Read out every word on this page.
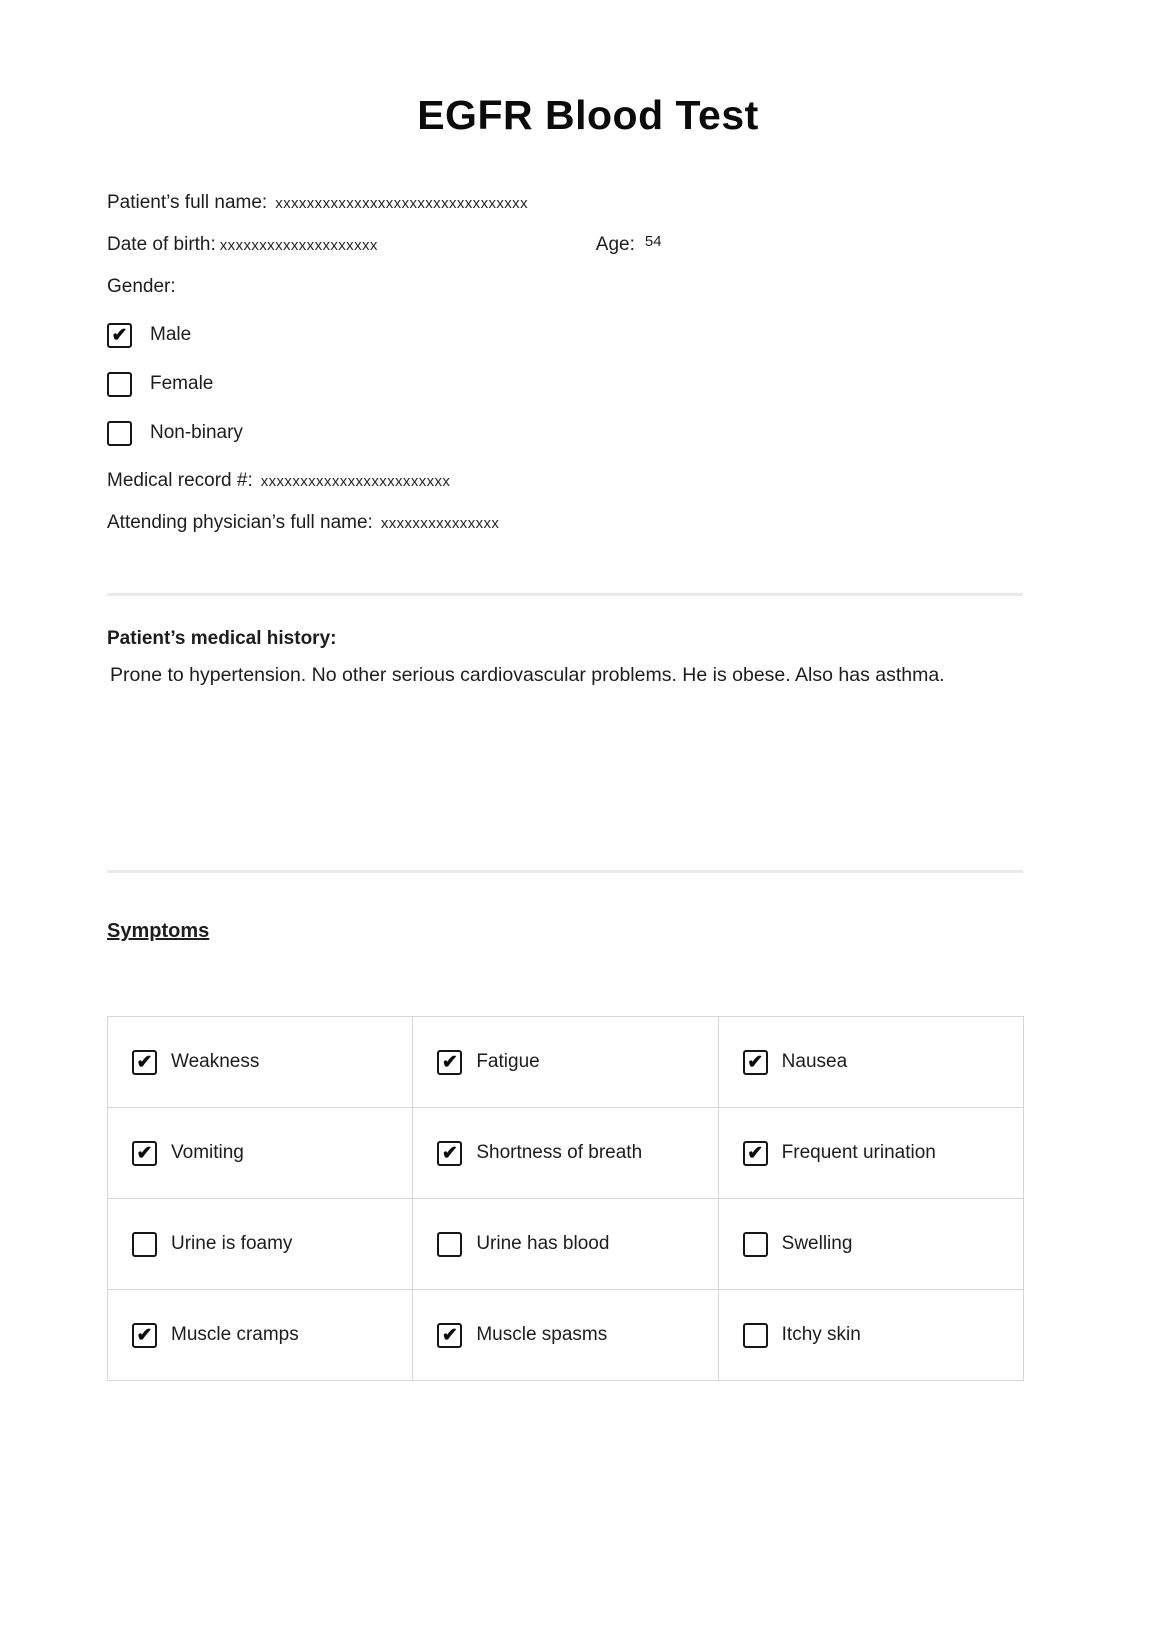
EGFR Blood Test
Patient’s full name: xxxxxxxxxxxxxxxxxxxxxxxxxxxxxxxx
Date of birth: xxxxxxxxxxxxxxxxxxxx	Age: 54
Gender:
✔ Male
Female
Non-binary
Medical record #: xxxxxxxxxxxxxxxxxxxxxxxx
Attending physician’s full name: xxxxxxxxxxxxxxx
Patient’s medical history:
Prone to hypertension. No other serious cardiovascular problems. He is obese. Also has asthma.
Symptoms
✔ Weakness	✔ Fatigue	✔ Nausea

✔ Vomiting	✔ Shortness of breath	✔ Frequent urination

Urine is foamy	Urine has blood	Swelling

✔ Muscle cramps	✔ Muscle spasms	Itchy skin
